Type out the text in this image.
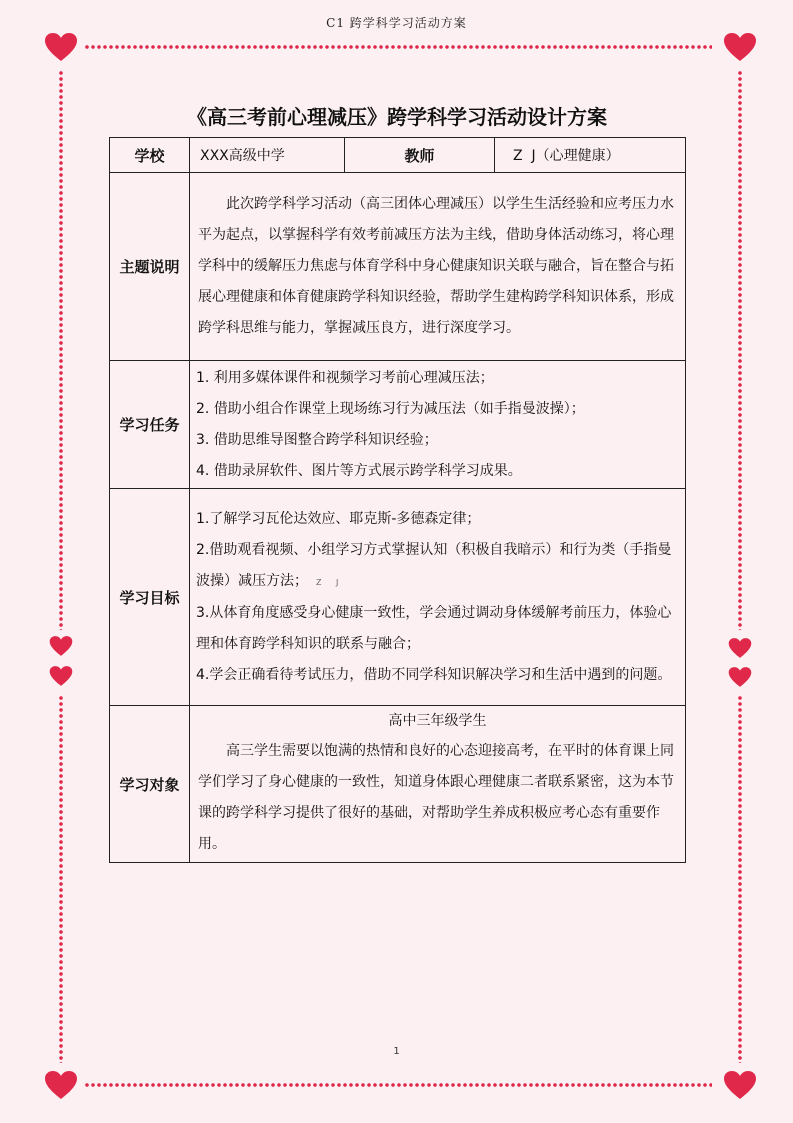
C1 跨学科学习活动方案
《高三考前心理减压》跨学科学习活动设计方案
学校	XXX高级中学	教师	Z  J（心理健康）
主题说明	此次跨学科学习活动（高三团体心理减压）以学生生活经验和应考压力水平为起点，以掌握科学有效考前减压方法为主线，借助身体活动练习，将心理学科中的缓解压力焦虑与体育学科中身心健康知识关联与融合，旨在整合与拓展心理健康和体育健康跨学科知识经验，帮助学生建构跨学科知识体系，形成跨学科思维与能力，掌握减压良方，进行深度学习。		

学习任务	1. 利用多媒体课件和视频学习考前心理减压法；
2. 借助小组合作课堂上现场练习行为减压法（如手指曼波操）；
3. 借助思维导图整合跨学科知识经验；
4. 借助录屏软件、图片等方式展示跨学科学习成果。		

学习目标	1.了解学习瓦伦达效应、耶克斯-多德森定律；
2.借助观看视频、小组学习方式掌握认知（积极自我暗示）和行为类（手指曼波操）减压方法； Z J
3.从体育角度感受身心健康一致性，学会通过调动身体缓解考前压力，体验心理和体育跨学科知识的联系与融合；
4.学会正确看待考试压力，借助不同学科知识解决学习和生活中遇到的问题。		

学习对象	高中三年级学生
高三学生需要以饱满的热情和良好的心态迎接高考，在平时的体育课上同学们学习了身心健康的一致性，知道身体跟心理健康二者联系紧密，这为本节课的跨学科学习提供了很好的基础，对帮助学生养成积极应考心态有重要作用。		
1
